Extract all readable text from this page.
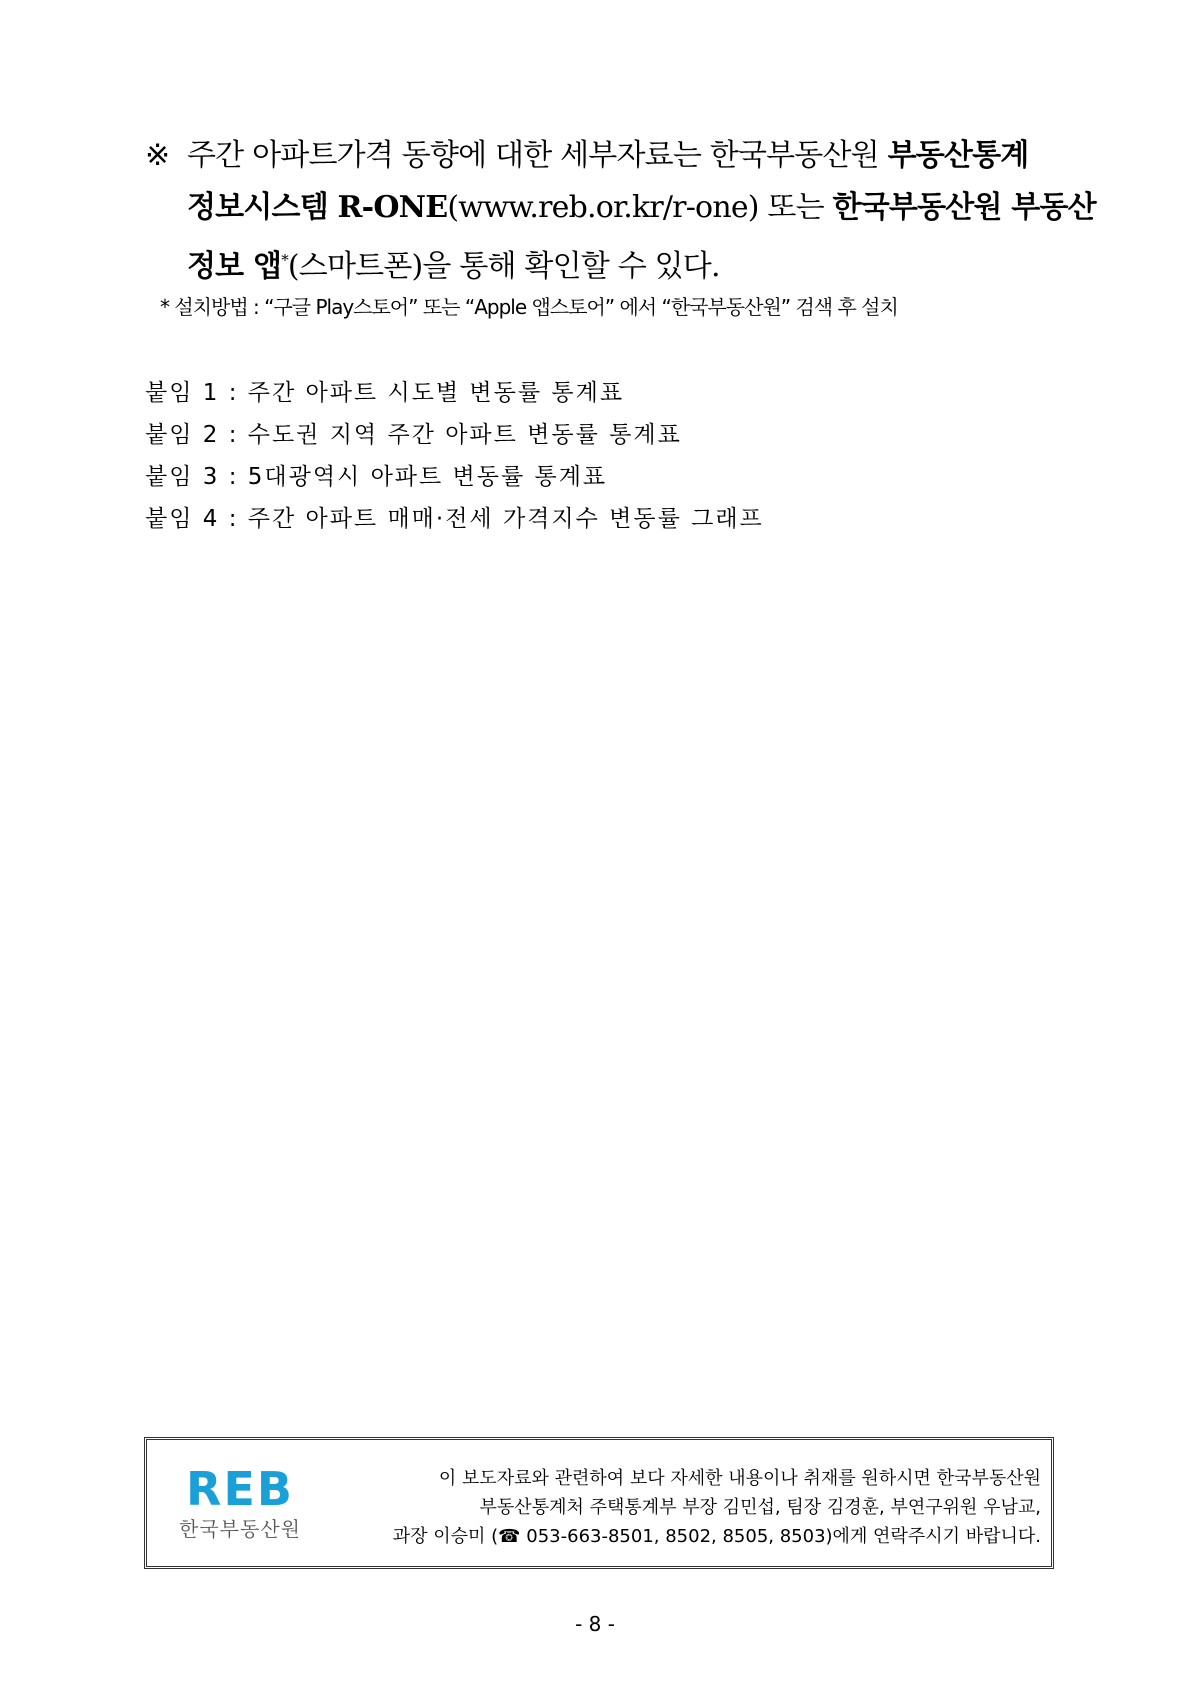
※ 주간 아파트가격 동향에 대한 세부자료는 한국부동산원 부동산통계
정보시스템 R-ONE(www.reb.or.kr/r-one) 또는 한국부동산원 부동산
정보 앱*(스마트폰)을 통해 확인할 수 있다.
* 설치방법 : “구글 Play스토어” 또는 “Apple 앱스토어” 에서 “한국부동산원” 검색 후 설치
붙임 1 : 주간 아파트 시도별 변동률 통계표
붙임 2 : 수도권 지역 주간 아파트 변동률 통계표
붙임 3 : 5대광역시 아파트 변동률 통계표
붙임 4 : 주간 아파트 매매·전세 가격지수 변동률 그래프
REB
한국부동산원
이 보도자료와 관련하여 보다 자세한 내용이나 취재를 원하시면 한국부동산원
부동산통계처 주택통계부 부장 김민섭, 팀장 김경훈, 부연구위원 우남교,
과장 이승미 (☎ 053-663-8501, 8502, 8505, 8503)에게 연락주시기 바랍니다.
- 8 -
